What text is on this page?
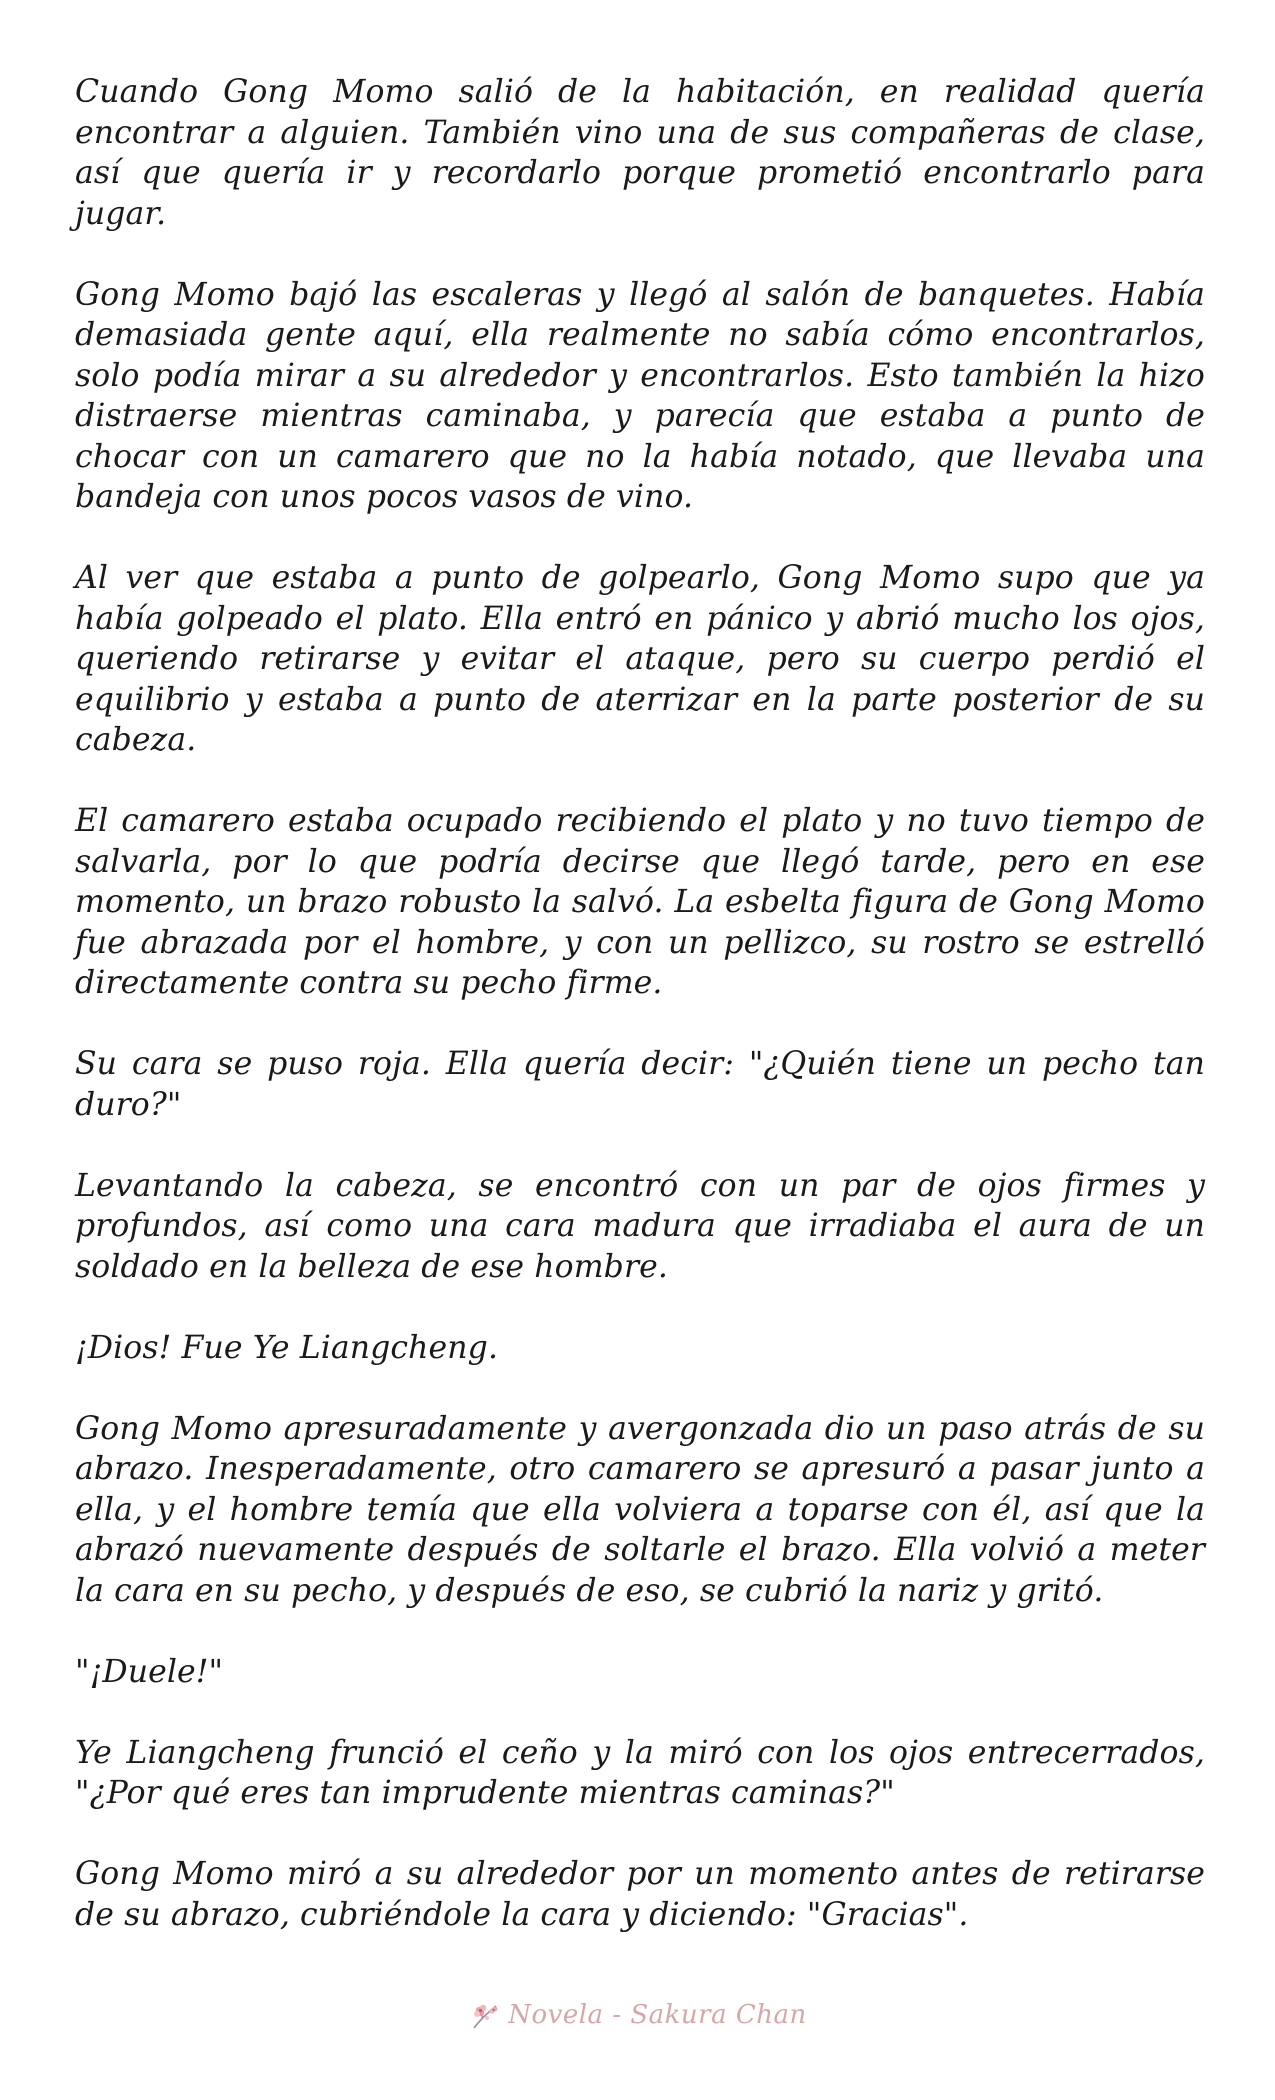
Cuando Gong Momo salió de la habitación, en realidad quería encontrar a alguien. También vino una de sus compañeras de clase, así que quería ir y recordarlo porque prometió encontrarlo para jugar.

Gong Momo bajó las escaleras y llegó al salón de banquetes. Había demasiada gente aquí, ella realmente no sabía cómo encontrarlos, solo podía mirar a su alrededor y encontrarlos. Esto también la hizo distraerse mientras caminaba, y parecía que estaba a punto de chocar con un camarero que no la había notado, que llevaba una bandeja con unos pocos vasos de vino.

Al ver que estaba a punto de golpearlo, Gong Momo supo que ya había golpeado el plato. Ella entró en pánico y abrió mucho los ojos, queriendo retirarse y evitar el ataque, pero su cuerpo perdió el equilibrio y estaba a punto de aterrizar en la parte posterior de su cabeza.

El camarero estaba ocupado recibiendo el plato y no tuvo tiempo de salvarla, por lo que podría decirse que llegó tarde, pero en ese momento, un brazo robusto la salvó. La esbelta figura de Gong Momo fue abrazada por el hombre, y con un pellizco, su rostro se estrelló directamente contra su pecho firme.

Su cara se puso roja. Ella quería decir: "¿Quién tiene un pecho tan duro?"

Levantando la cabeza, se encontró con un par de ojos firmes y profundos, así como una cara madura que irradiaba el aura de un soldado en la belleza de ese hombre.

¡Dios! Fue Ye Liangcheng.

Gong Momo apresuradamente y avergonzada dio un paso atrás de su abrazo. Inesperadamente, otro camarero se apresuró a pasar junto a ella, y el hombre temía que ella volviera a toparse con él, así que la abrazó nuevamente después de soltarle el brazo. Ella volvió a meter la cara en su pecho, y después de eso, se cubrió la nariz y gritó.

"¡Duele!"

Ye Liangcheng frunció el ceño y la miró con los ojos entrecerrados, "¿Por qué eres tan imprudente mientras caminas?"

Gong Momo miró a su alrededor por un momento antes de retirarse de su abrazo, cubriéndole la cara y diciendo: "Gracias".

Novela - Sakura Chan
